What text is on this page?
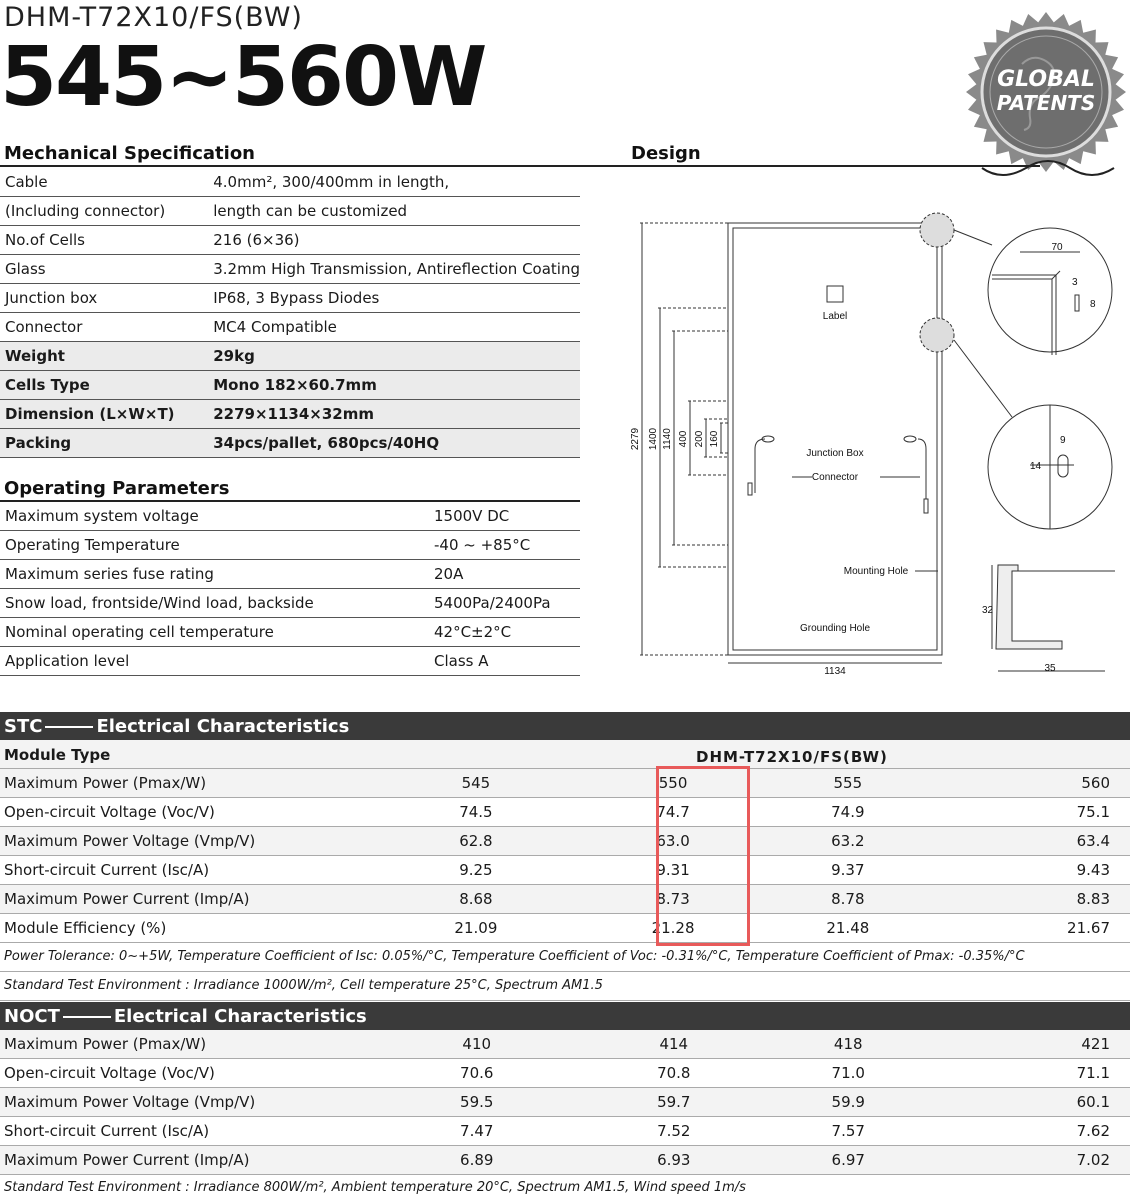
DHM-T72X10/FS(BW)
545~560W	GLOBAL
PATENTS
Mechanical Specification	Design
Cable	4.0mm², 300/400mm in length,
(Including connector)	length can be customized
No.of Cells	216 (6×36)
Glass	3.2mm High Transmission, Antireflection Coating
Junction box	IP68, 3 Bypass Diodes
Connector	MC4 Compatible
Weight	29kg
Cells Type	Mono 182×60.7mm
Dimension (L×W×T)	2279×1134×32mm
Packing	34pcs/pallet, 680pcs/40HQ
Operating Parameters
Maximum system voltage	1500V DC
Operating Temperature	-40 ~ +85°C
Maximum series fuse rating	20A
Snow load, frontside/Wind load, backside	5400Pa/2400Pa
Nominal operating cell temperature	42°C±2°C
Application level	Class A
Label
Junction Box
Connector
Mounting Hole
Grounding Hole
1134
2279 1400 1140 400 200 160
70
3
8
9
14
32
35
STC	Electrical Characteristics
Module Type	DHM-T72X10/FS(BW)
Maximum Power (Pmax/W)	545	550	555	560
Open-circuit Voltage (Voc/V)	74.5	74.7	74.9	75.1
Maximum Power Voltage (Vmp/V)	62.8	63.0	63.2	63.4
Short-circuit Current (Isc/A)	9.25	9.31	9.37	9.43
Maximum Power Current (Imp/A)	8.68	8.73	8.78	8.83
Module Efficiency (%)	21.09	21.28	21.48	21.67
Power Tolerance: 0~+5W, Temperature Coefficient of Isc: 0.05%/°C, Temperature Coefficient of Voc: -0.31%/°C, Temperature Coefficient of Pmax: -0.35%/°C
Standard Test Environment : Irradiance 1000W/m², Cell temperature 25°C, Spectrum AM1.5
NOCT	Electrical Characteristics
Maximum Power (Pmax/W)	410	414	418	421
Open-circuit Voltage (Voc/V)	70.6	70.8	71.0	71.1
Maximum Power Voltage (Vmp/V)	59.5	59.7	59.9	60.1
Short-circuit Current (Isc/A)	7.47	7.52	7.57	7.62
Maximum Power Current (Imp/A)	6.89	6.93	6.97	7.02
Standard Test Environment : Irradiance 800W/m², Ambient temperature 20°C, Spectrum AM1.5, Wind speed 1m/s
